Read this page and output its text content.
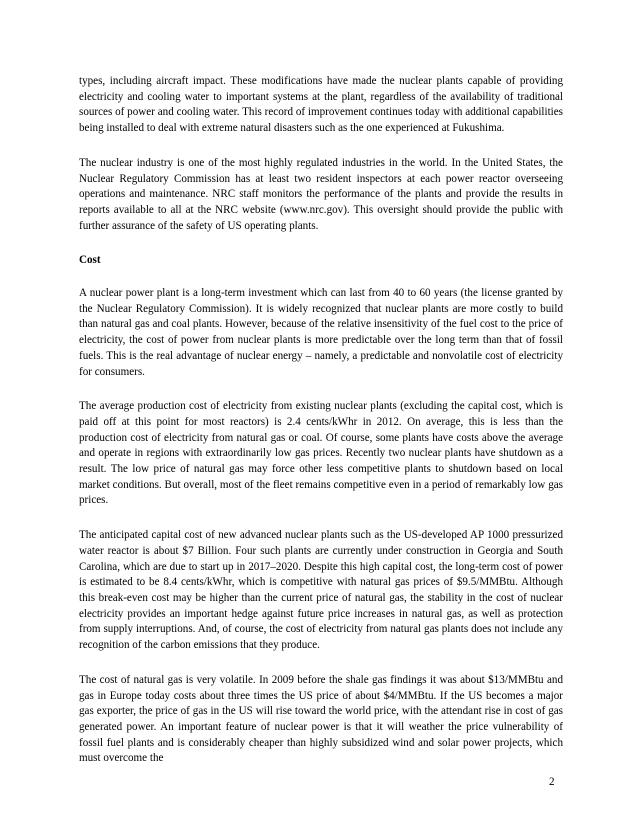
types, including aircraft impact. These modifications have made the nuclear plants capable of providing electricity and cooling water to important systems at the plant, regardless of the availability of traditional sources of power and cooling water. This record of improvement continues today with additional capabilities being installed to deal with extreme natural disasters such as the one experienced at Fukushima.

The nuclear industry is one of the most highly regulated industries in the world. In the United States, the Nuclear Regulatory Commission has at least two resident inspectors at each power reactor overseeing operations and maintenance. NRC staff monitors the performance of the plants and provide the results in reports available to all at the NRC website (www.nrc.gov). This oversight should provide the public with further assurance of the safety of US operating plants.

Cost

A nuclear power plant is a long-term investment which can last from 40 to 60 years (the license granted by the Nuclear Regulatory Commission). It is widely recognized that nuclear plants are more costly to build than natural gas and coal plants. However, because of the relative insensitivity of the fuel cost to the price of electricity, the cost of power from nuclear plants is more predictable over the long term than that of fossil fuels. This is the real advantage of nuclear energy – namely, a predictable and nonvolatile cost of electricity for consumers.

The average production cost of electricity from existing nuclear plants (excluding the capital cost, which is paid off at this point for most reactors) is 2.4 cents/kWhr in 2012. On average, this is less than the production cost of electricity from natural gas or coal. Of course, some plants have costs above the average and operate in regions with extraordinarily low gas prices. Recently two nuclear plants have shutdown as a result. The low price of natural gas may force other less competitive plants to shutdown based on local market conditions. But overall, most of the fleet remains competitive even in a period of remarkably low gas prices.

The anticipated capital cost of new advanced nuclear plants such as the US-developed AP 1000 pressurized water reactor is about $7 Billion. Four such plants are currently under construction in Georgia and South Carolina, which are due to start up in 2017–2020. Despite this high capital cost, the long-term cost of power is estimated to be 8.4 cents/kWhr, which is competitive with natural gas prices of $9.5/MMBtu. Although this break-even cost may be higher than the current price of natural gas, the stability in the cost of nuclear electricity provides an important hedge against future price increases in natural gas, as well as protection from supply interruptions. And, of course, the cost of electricity from natural gas plants does not include any recognition of the carbon emissions that they produce.

The cost of natural gas is very volatile. In 2009 before the shale gas findings it was about $13/MMBtu and gas in Europe today costs about three times the US price of about $4/MMBtu. If the US becomes a major gas exporter, the price of gas in the US will rise toward the world price, with the attendant rise in cost of gas generated power. An important feature of nuclear power is that it will weather the price vulnerability of fossil fuel plants and is considerably cheaper than highly subsidized wind and solar power projects, which must overcome the

2
